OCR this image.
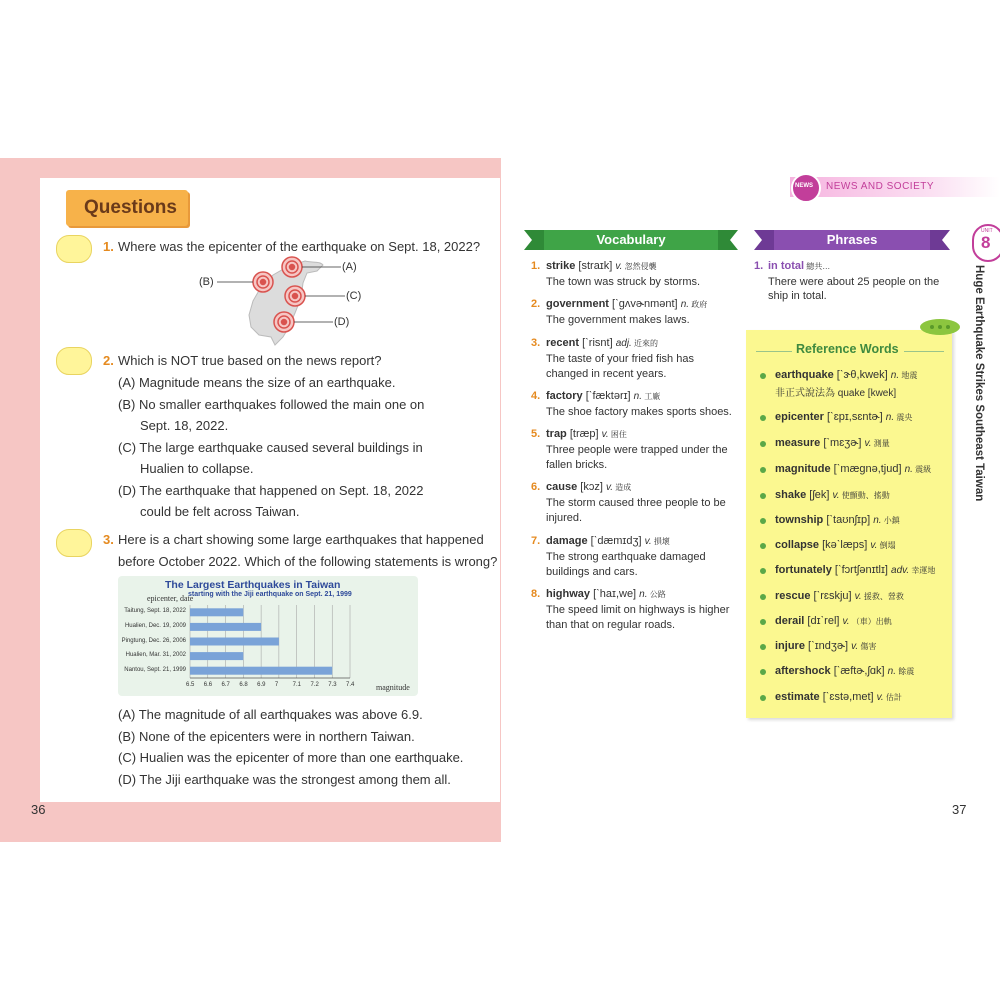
Questions
1. Where was the epicenter of the earthquake on Sept. 18, 2022?
(A)
(B)
(C)
(D)
2. Which is NOT true based on the news report?
(A) Magnitude means the size of an earthquake.
(B) No smaller earthquakes followed the main one on
Sept. 18, 2022.
(C) The large earthquake caused several buildings in
Hualien to collapse.
(D) The earthquake that happened on Sept. 18, 2022
could be felt across Taiwan.
3. Here is a chart showing some large earthquakes that happened
before October 2022. Which of the following statements is wrong?
The Largest Earthquakes in Taiwan
starting with the Jiji earthquake on Sept. 21, 1999
epicenter, date
magnitude
Taitung, Sept. 18, 2022
Hualien, Dec. 19, 2009
Pingtung, Dec. 26, 2006
Hualien, Mar. 31, 2002
Nantou, Sept. 21, 1999
6.5 6.6 6.7 6.8 6.9 7 7.1 7.2 7.3 7.4
(A) The magnitude of all earthquakes was above 6.9.
(B) None of the epicenters were in northern Taiwan.
(C) Hualien was the epicenter of more than one earthquake.
(D) The Jiji earthquake was the strongest among them all.
36
NEWS NEWS AND SOCIETY
UNIT
8
Huge Earthquake Strikes Southeast Taiwan
Vocabulary	Phrases
1. strike [straɪk] v. 忽然侵襲
The town was struck by storms.
2. government [ˋɡʌvɚnmənt] n. 政府
The government makes laws.
3. recent [ˋrisnt] adj. 近來的
The taste of your fried fish has
changed in recent years.
4. factory [ˋfæktərɪ] n. 工廠
The shoe factory makes sports shoes.
5. trap [træp] v. 困住
Three people were trapped under the
fallen bricks.
6. cause [kɔz] v. 造成
The storm caused three people to be
injured.
7. damage [ˋdæmɪdʒ] v. 損壞
The strong earthquake damaged
buildings and cars.
8. highway [ˋhaɪ,we] n. 公路
The speed limit on highways is higher
than that on regular roads.
1. in total 總共…
There were about 25 people on the
ship in total.
Reference Words
earthquake [ˋɝθ,kwek] n. 地震
非正式說法為 quake [kwek]
epicenter [ˋɛpɪ,sɛntɚ] n. 震央
measure [ˋmɛʒɚ] v. 測量
magnitude [ˋmæɡnə,tjud] n. 震級
shake [ʃek] v. 使顫動、搖動
township [ˋtaʊnʃɪp] n. 小鎮
collapse [kəˋlæps] v. 倒塌
fortunately [ˋfɔrtʃənɪtlɪ] adv. 幸運地
rescue [ˋrɛskju] v. 援救、營救
derail [dɪˋrel] v. （車）出軌
injure [ˋɪndʒɚ] v. 傷害
aftershock [ˋæftɚ,ʃɑk] n. 餘震
estimate [ˋɛstə,met] v. 估計
37
